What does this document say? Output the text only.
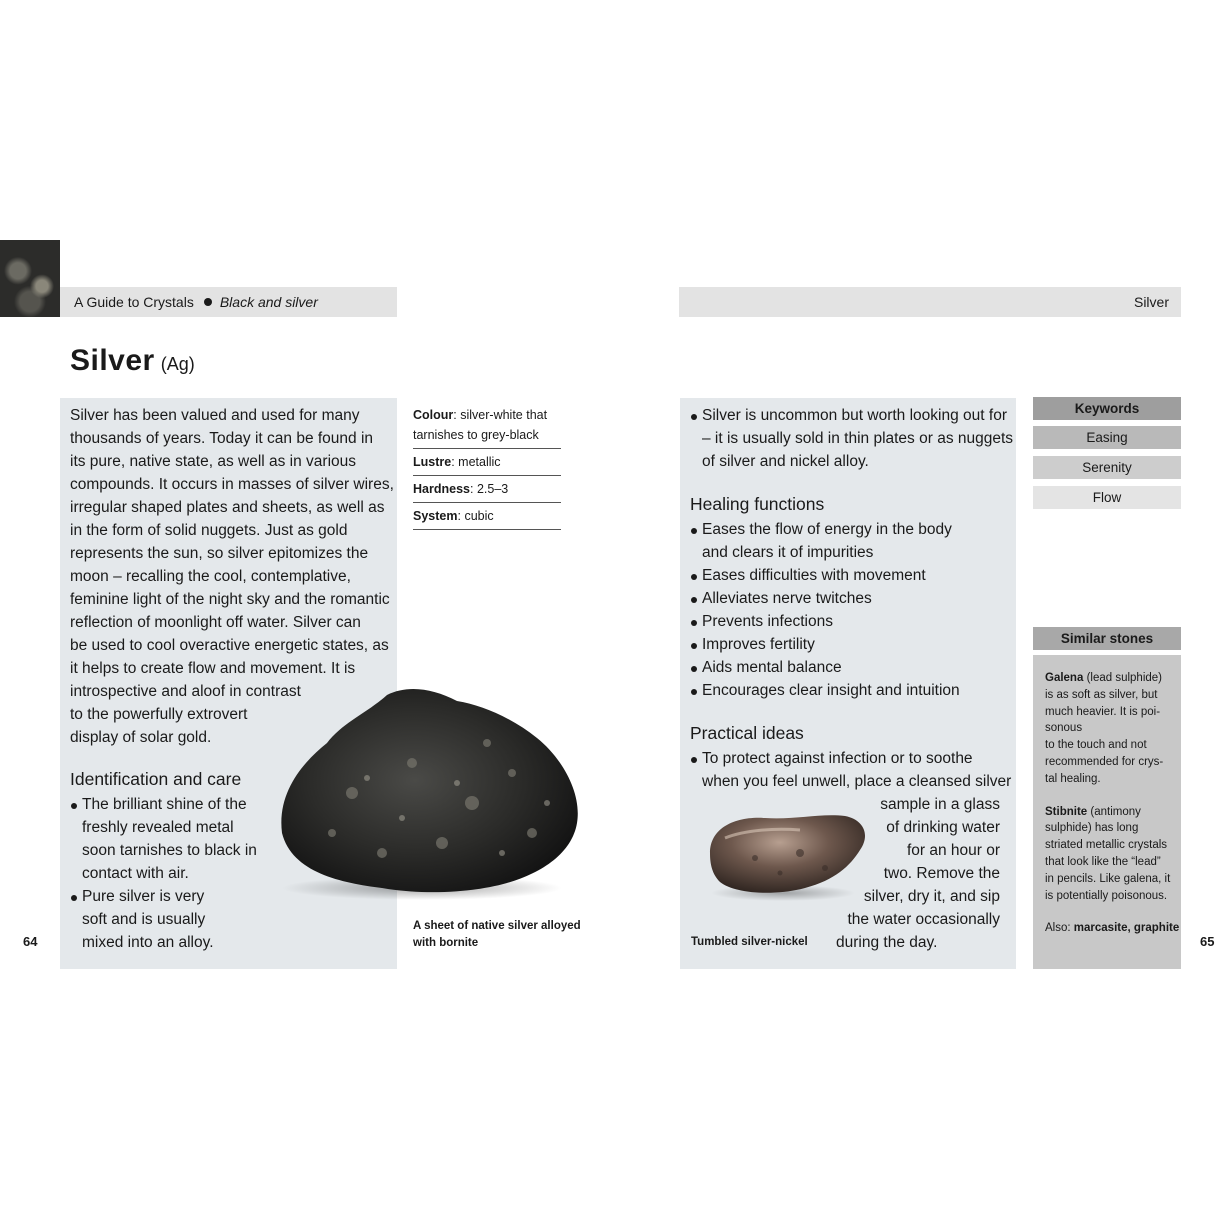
A Guide to Crystals Black and silver	Silver
Silver (Ag)
Silver has been valued and used for many
thousands of years. Today it can be found in
its pure, native state, as well as in various
compounds. It occurs in masses of silver wires,
irregular shaped plates and sheets, as well as
in the form of solid nuggets. Just as gold
represents the sun, so silver epitomizes the
moon – recalling the cool, contemplative,
feminine light of the night sky and the romantic
reflection of moonlight off water. Silver can
be used to cool overactive energetic states, as
it helps to create flow and movement. It is
introspective and aloof in contrast
to the powerfully extrovert
display of solar gold.
Identification and care
The brilliant shine of the
freshly revealed metal
soon tarnishes to black in
contact with air.
Pure silver is very
soft and is usually
mixed into an alloy.
Colour: silver-white that tarnishes to grey-black
Lustre: metallic
Hardness: 2.5–3
System: cubic
A sheet of native silver alloyed with bornite
Silver is uncommon but worth looking out for
– it is usually sold in thin plates or as nuggets
of silver and nickel alloy.
Healing functions
Eases the flow of energy in the body
and clears it of impurities
Eases difficulties with movement
Alleviates nerve twitches
Prevents infections
Improves fertility
Aids mental balance
Encourages clear insight and intuition
Practical ideas
To protect against infection or to soothe
when you feel unwell, place a cleansed silver
sample in a glass
of drinking water
for an hour or
two. Remove the
silver, dry it, and sip
the water occasionally
during the day.
Tumbled silver-nickel
Keywords
Easing
Serenity
Flow
Similar stones
Galena (lead sulphide)
is as soft as silver, but
much heavier. It is poi-
sonous
to the touch and not
recommended for crys-
tal healing.
Stibnite (antimony
sulphide) has long
striated metallic crystals
that look like the “lead”
in pencils. Like galena, it
is potentially poisonous.
Also: marcasite, graphite
64	65
